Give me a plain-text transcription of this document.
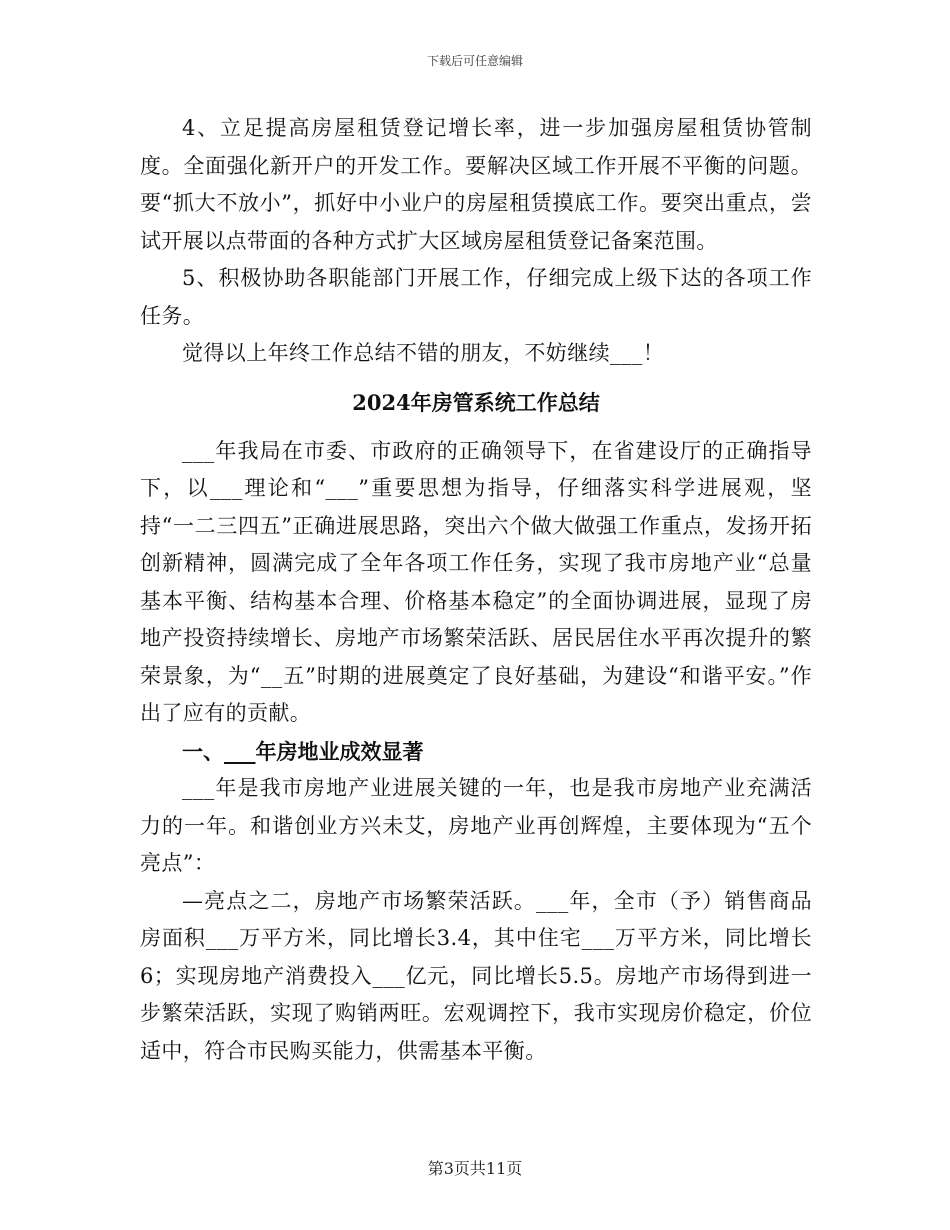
下载后可任意编辑

4、立足提高房屋租赁登记增长率，进一步加强房屋租赁协管制度。全面强化新开户的开发工作。要解决区域工作开展不平衡的问题。要“抓大不放小”，抓好中小业户的房屋租赁摸底工作。要突出重点，尝试开展以点带面的各种方式扩大区域房屋租赁登记备案范围。

5、积极协助各职能部门开展工作，仔细完成上级下达的各项工作任务。

觉得以上年终工作总结不错的朋友，不妨继续___！

2024年房管系统工作总结

___年我局在市委、市政府的正确领导下，在省建设厅的正确指导下，以___理论和“___”重要思想为指导，仔细落实科学进展观，坚持“一二三四五”正确进展思路，突出六个做大做强工作重点，发扬开拓创新精神，圆满完成了全年各项工作任务，实现了我市房地产业“总量基本平衡、结构基本合理、价格基本稳定”的全面协调进展，显现了房地产投资持续增长、房地产市场繁荣活跃、居民居住水平再次提升的繁荣景象，为“__五”时期的进展奠定了良好基础，为建设“和谐平安。”作出了应有的贡献。

一、___年房地业成效显著

___年是我市房地产业进展关键的一年，也是我市房地产业充满活力的一年。和谐创业方兴未艾，房地产业再创辉煌，主要体现为“五个亮点”：

—亮点之二，房地产市场繁荣活跃。___年，全市（予）销售商品房面积___万平方米，同比增长3.4，其中住宅___万平方米，同比增长6；实现房地产消费投入___亿元，同比增长5.5。房地产市场得到进一步繁荣活跃，实现了购销两旺。宏观调控下，我市实现房价稳定，价位适中，符合市民购买能力，供需基本平衡。

第3页共11页
